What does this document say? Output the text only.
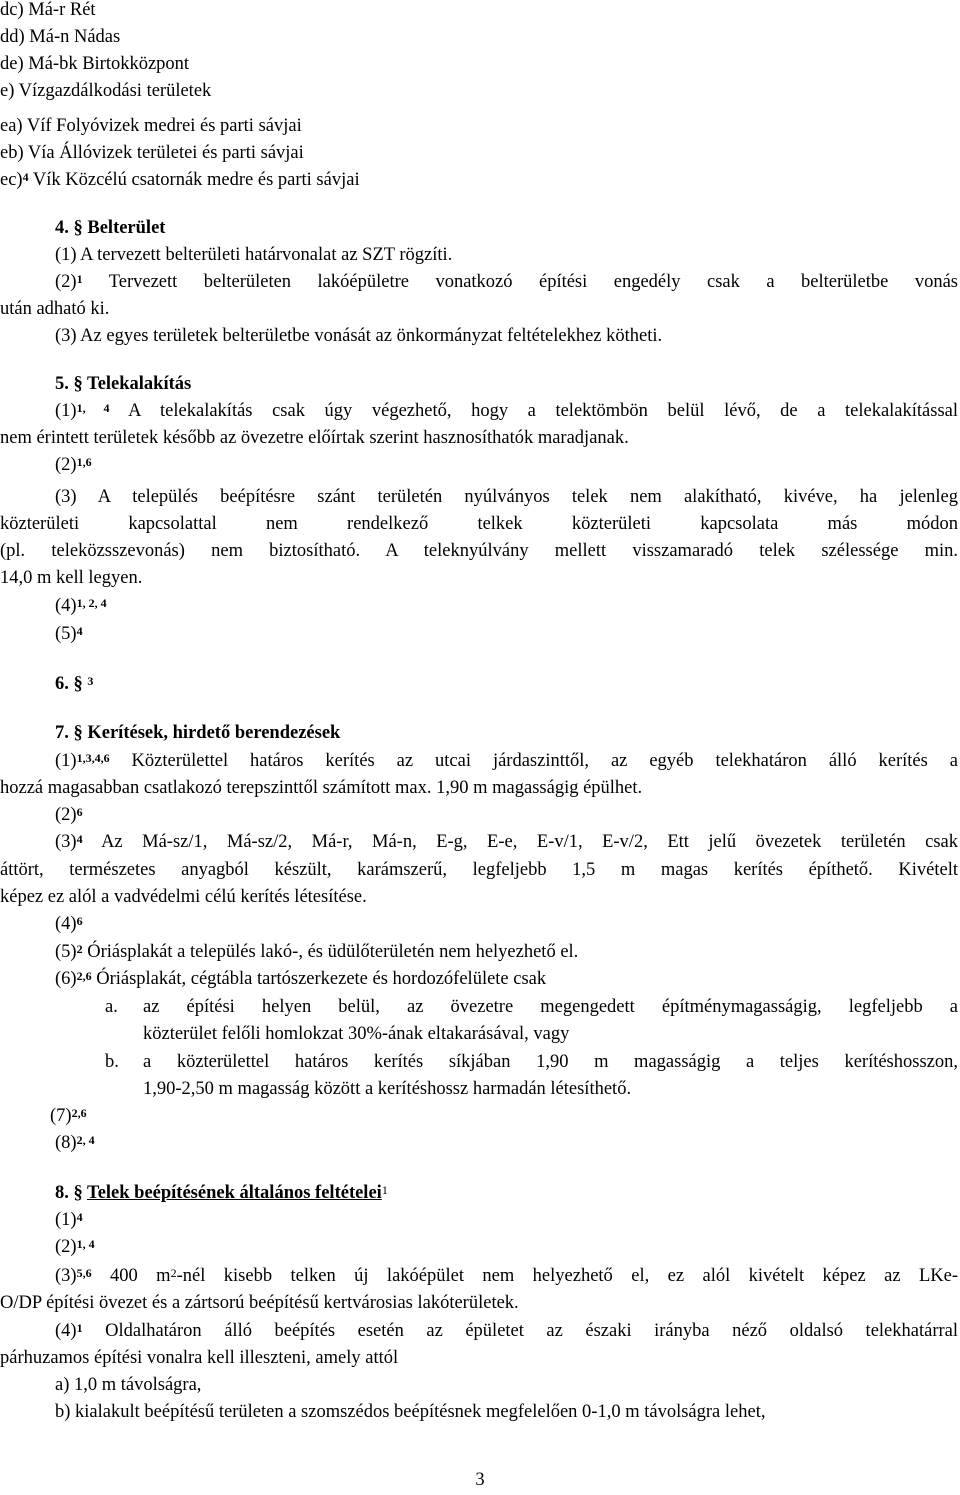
dc) Má-r Rét
dd) Má-n Nádas
de) Má-bk Birtokközpont
e) Vízgazdálkodási területek
ea) Víf Folyóvizek medrei és parti sávjai
eb) Vía Állóvizek területei és parti sávjai
ec)$^4$ Vík Közcélú csatornák medre és parti sávjai
4. § Belterület
(1) A tervezett belterületi határvonalat az SZT rögzíti.
$(2)^1$ Tervezett belterületen lakóépületre vonatkozó építési engedély csak a belterületbe vonás
után adható ki.
(3) Az egyes területek belterületbe vonását az önkormányzat feltételekhez kötheti.
5. § Telekalakítás
$(1)^{1, 4}$ A telekalakítás csak úgy végezhető, hogy a telektömbön belül lévő, de a telekalakítással
nem érintett területek később az övezetre előírtak szerint hasznosíthatók maradjanak.
$(2)^{1,6}$
(3) A település beépítésre szánt területén nyúlványos telek nem alakítható, kivéve, ha jelenleg
közterületi kapcsolattal nem rendelkező telkek közterületi kapcsolata más módon
(pl. teleközsszevonás) nem biztosítható. A teleknyúlvány mellett visszamaradó telek szélessége min.
14,0 m kell legyen.
$(4)^{1, 2, 4}$
$(5)^4$
6. § $^3$
7. § Kerítések, hirdető berendezések
$(1)^{1,3,4,6}$ Közterülettel határos kerítés az utcai járdaszinttől, az egyéb telekhatáron álló kerítés a
hozzá magasabban csatlakozó terepszinttől számított max. 1,90 m magasságig épülhet.
$(2)^6$
$(3)^4$ Az Má-sz/1, Má-sz/2, Má-r, Má-n, E-g, E-e, E-v/1, E-v/2, Ett jelű övezetek területén csak
áttört, természetes anyagból készült, karámszerű, legfeljebb 1,5 m magas kerítés építhető. Kivételt
képez ez alól a vadvédelmi célú kerítés létesítése.
$(4)^6$
$(5)^2$ Óriásplakát a település lakó-, és üdülőterületén nem helyezhető el.
$(6)^{2,6}$ Óriásplakát, cégtábla tartószerkezete és hordozófelülete csak
a.	az építési helyen belül, az övezetre megengedett építménymagasságig, legfeljebb a
közterület felőli homlokzat 30%-ának eltakarásával, vagy
b.	a közterülettel határos kerítés síkjában 1,90 m magasságig a teljes kerítéshosszon,
1,90-2,50 m magasság között a kerítéshossz harmadán létesíthető.
$(7)^{2,6}$
$(8)^{2, 4}$
8. § Telek beépítésének általános feltételei$^1$
$(1)^4$
$(2)^{1, 4}$
$(3)^{5,6}$ 400 $m^2$-nél kisebb telken új lakóépület nem helyezhető el, ez alól kivételt képez az LKe-
O/DP építési övezet és a zártsorú beépítésű kertvárosias lakóterületek.
$(4)^1$ Oldalhatáron álló beépítés esetén az épületet az északi irányba néző oldalsó telekhatárral
párhuzamos építési vonalra kell illeszteni, amely attól
a) 1,0 m távolságra,
b) kialakult beépítésű területen a szomszédos beépítésnek megfelelően 0-1,0 m távolságra lehet,
3
